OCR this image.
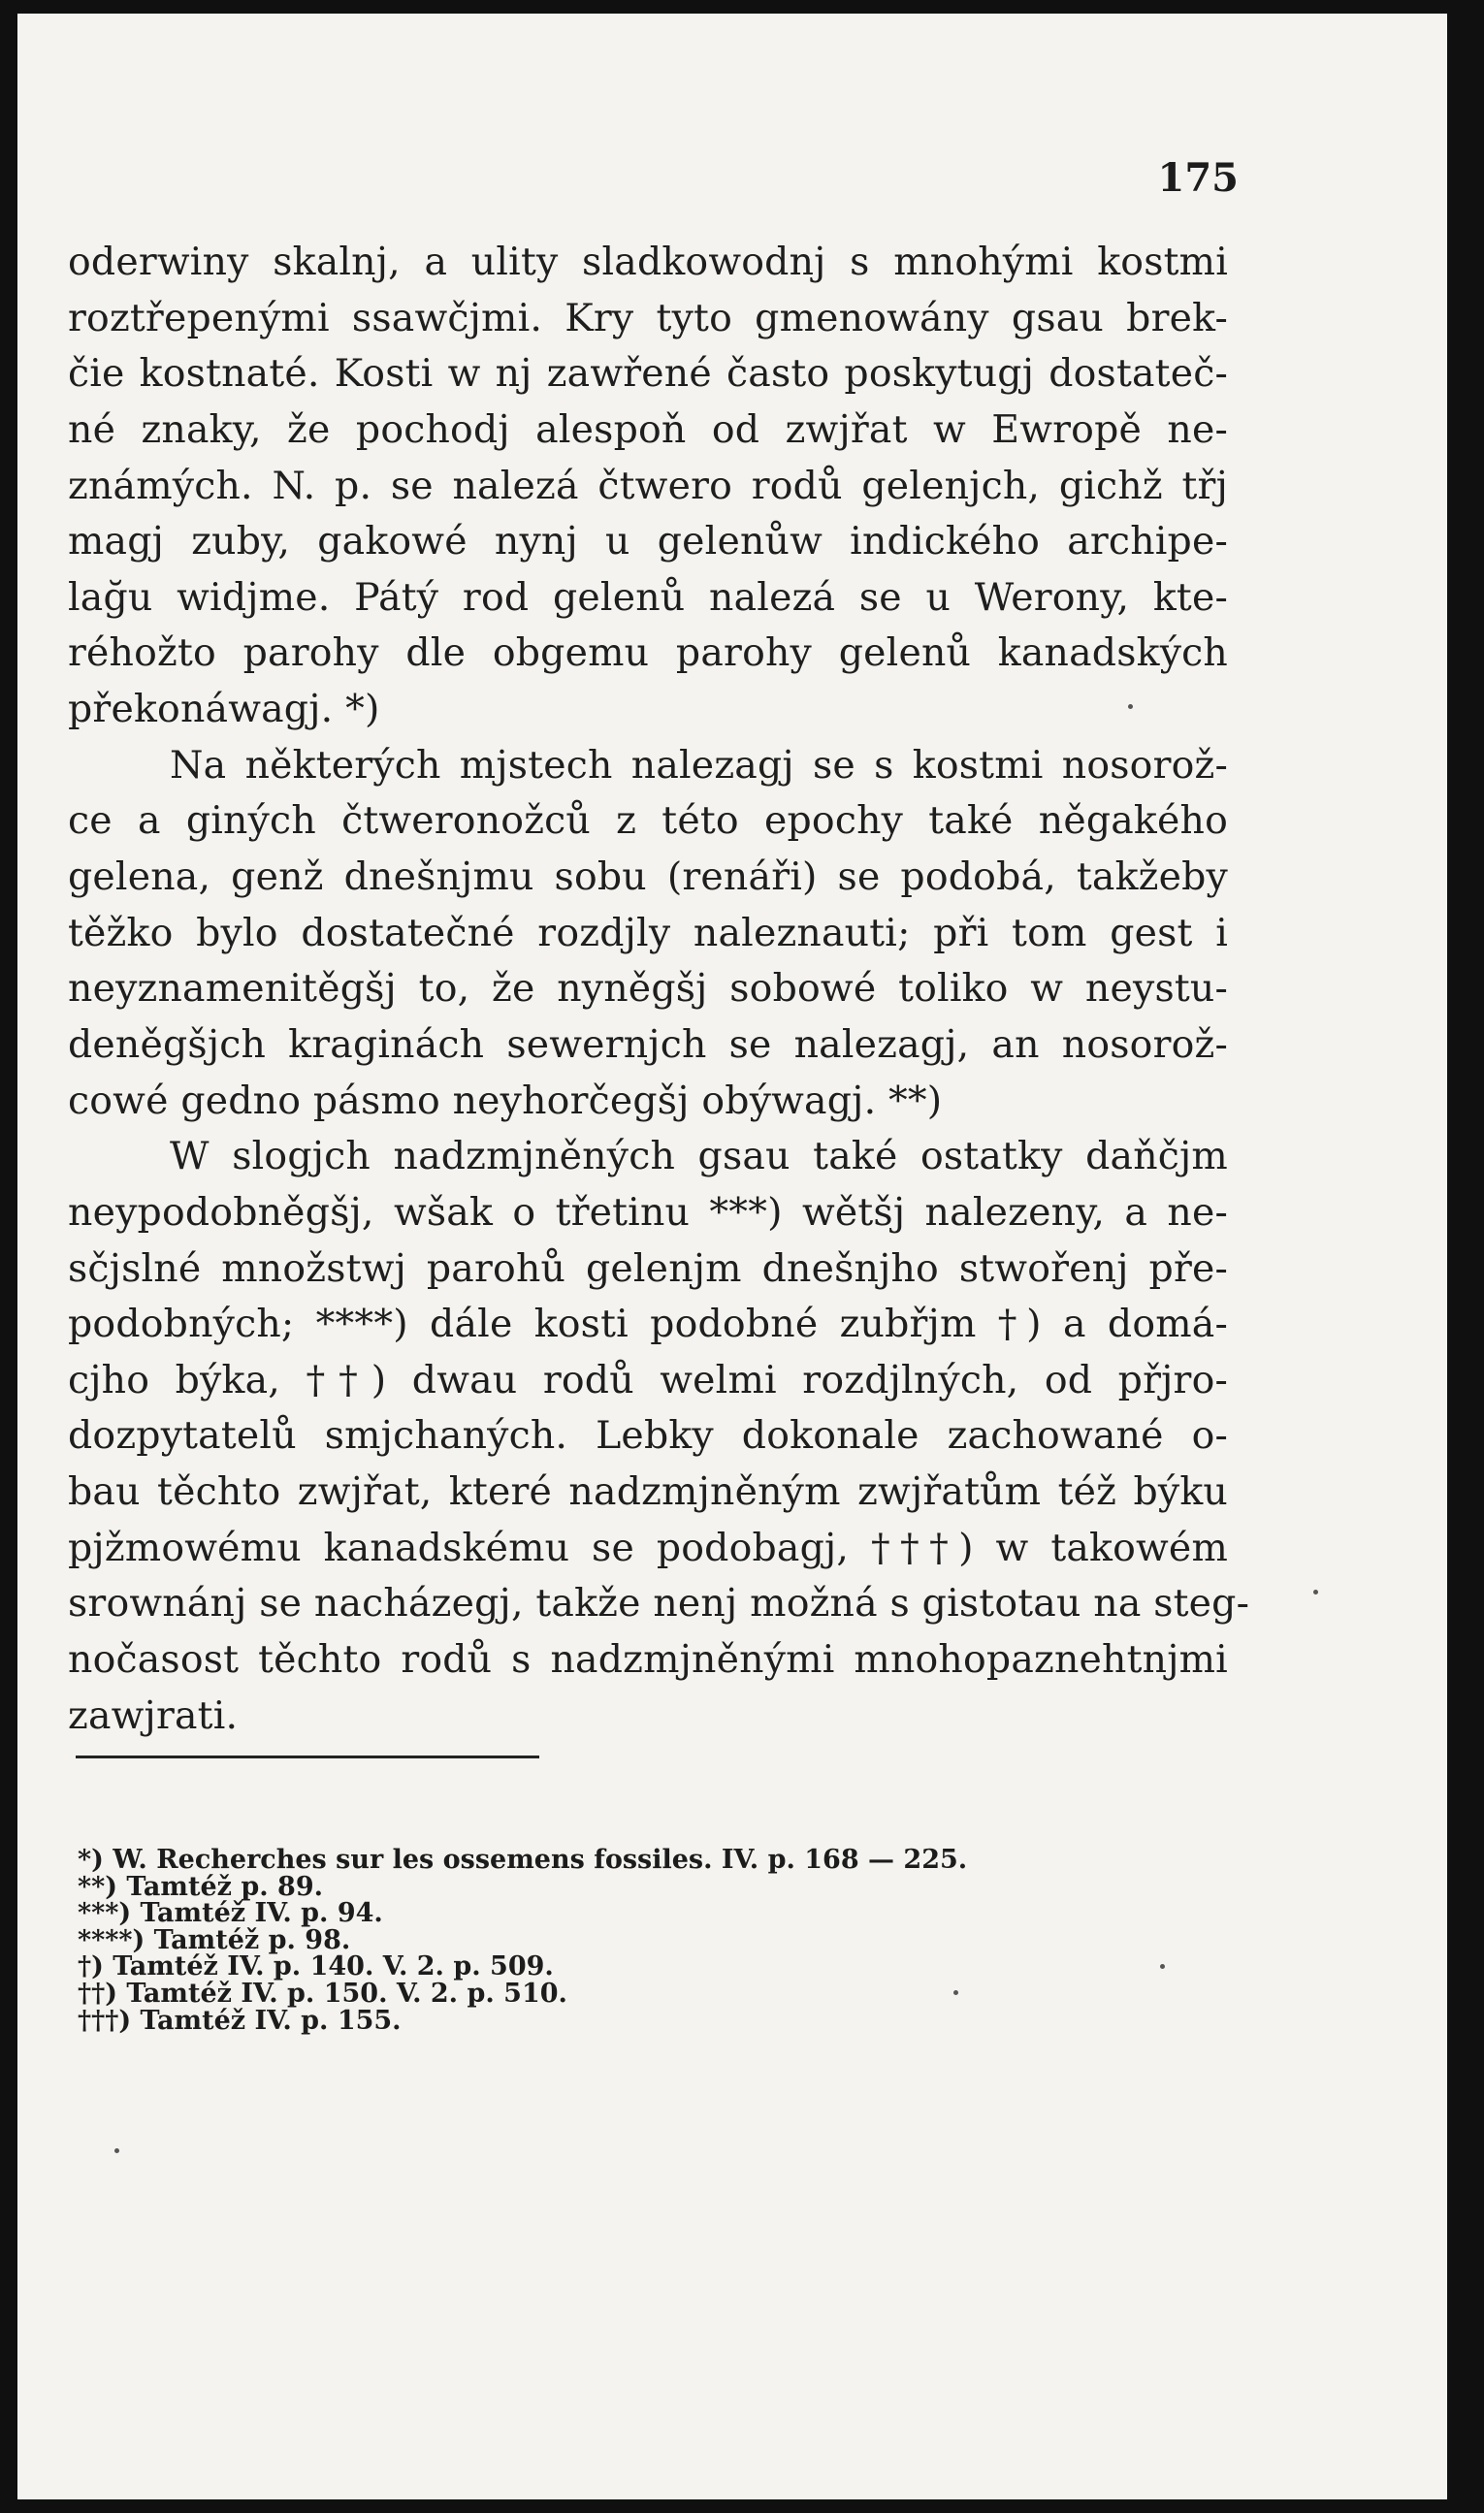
175
oderwiny skalnj, a ulity sladkowodnj s mnohými kostmi
roztřepenými ssawčjmi. Kry tyto gmenowány gsau brek-
čie kostnaté. Kosti w nj zawřené často poskytugj dostateč-
né znaky, že pochodj alespoň od zwjřat w Ewropě ne-
známých. N. p. se nalezá čtwero rodů gelenjch, gichž třj
magj zuby, gakowé nynj u gelenůw indického archipe-
lağu widjme. Pátý rod gelenů nalezá se u Werony, kte-
réhožto parohy dle obgemu parohy gelenů kanadských
překonáwagj. *)
Na některých mjstech nalezagj se s kostmi nosorož-
ce a giných čtweronožců z této epochy také něgakého
gelena, genž dnešnjmu sobu (renáři) se podobá, takžeby
těžko bylo dostatečné rozdjly naleznauti; při tom gest i
neyznamenitěgšj to, že nyněgšj sobowé toliko w neystu-
deněgšjch kraginách sewernjch se nalezagj, an nosorož-
cowé gedno pásmo neyhorčegšj obýwagj. **)
W slogjch nadzmjněných gsau také ostatky daňčjm
neypodobněgšj, wšak o třetinu ***) wětšj nalezeny, a ne-
sčjslné množstwj parohů gelenjm dnešnjho stwořenj pře-
podobných; ****) dále kosti podobné zubřjm †) a domá-
cjho býka, ††) dwau rodů welmi rozdjlných, od přjro-
dozpytatelů smjchaných. Lebky dokonale zachowané o-
bau těchto zwjřat, které nadzmjněným zwjřatům též býku
pjžmowému kanadskému se podobagj, †††) w takowém
srownánj se nacházegj, takže nenj možná s gistotau na steg-
nočasost těchto rodů s nadzmjněnými mnohopaznehtnjmi
zawjrati.
*) W. Recherches sur les ossemens fossiles. IV. p. 168 — 225.
**) Tamtéž p. 89.
***) Tamtéž IV. p. 94.
****) Tamtéž p. 98.
†) Tamtéž IV. p. 140. V. 2. p. 509.
††) Tamtéž IV. p. 150. V. 2. p. 510.
†††) Tamtéž IV. p. 155.
